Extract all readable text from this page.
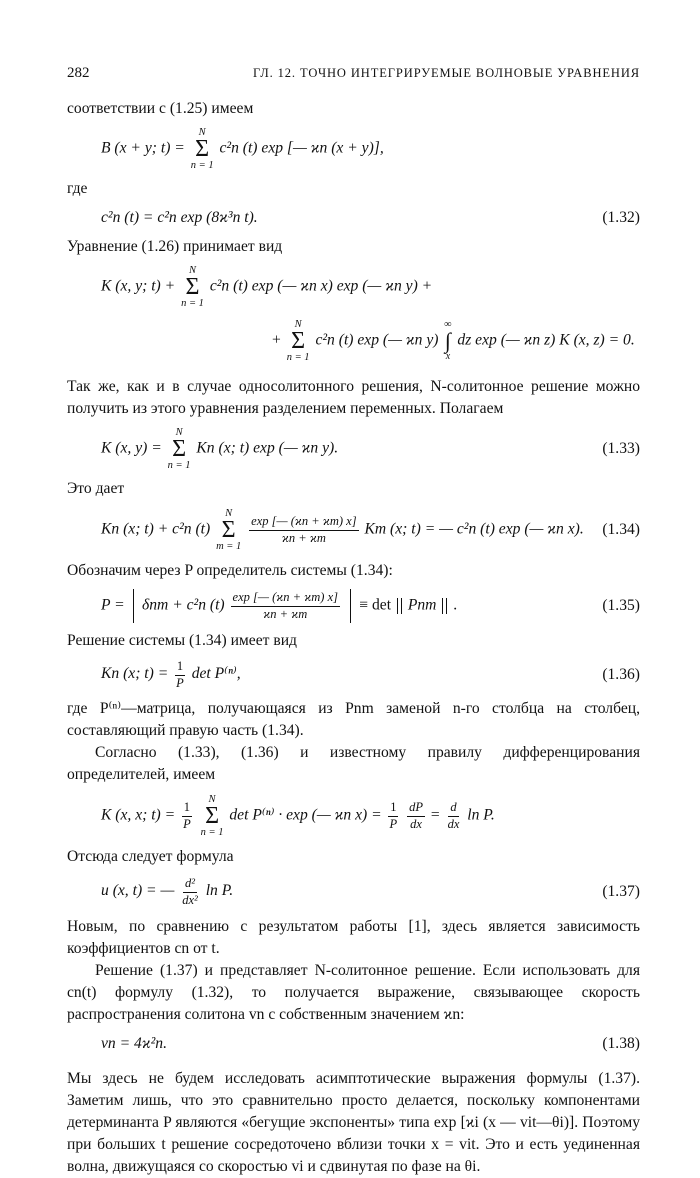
282	ГЛ. 12. ТОЧНО ИНТЕГРИРУЕМЫЕ ВОЛНОВЫЕ УРАВНЕНИЯ

соответствии с (1.25) имеем

B (x + y; t) =
N
Σ
n = 1
c²n (t) exp [— ϰn (x + y)],

где

c²n (t) = c²n exp (8ϰ³n t).	(1.32)

Уравнение (1.26) принимает вид

K (x, y; t) +
N
Σ
n = 1
c²n (t) exp (— ϰn x) exp (— ϰn y) +
+
N
Σ
n = 1
c²n (t) exp (— ϰn y)
∞
∫
x
dz exp (— ϰn z) K (x, z) = 0.

Так же, как и в случае односолитонного решения, N-солитонное решение можно получить из этого уравнения разделением переменных. Полагаем

K (x, y) =
N
Σ
n = 1
Kn (x; t) exp (— ϰn y).	(1.33)

Это дает

Kn (x; t) + c²n (t)
N
Σ
m = 1

$\frac{\exp [— (ϰn + ϰm) x]}{ϰn + ϰm}$ Km (x; t) = — c²n (t) exp (— ϰn x). (1.34)

Обозначим через P определитель системы (1.34):

P = δnm + c²n $(t) \frac{\exp [— (ϰn + ϰm) x]}{ϰn + ϰm} \equiv \det$ Pnm .	(1.35)

Решение системы (1.34) имеет вид

Kn (x; $t) = \frac{1}{P}$ det P⁽ⁿ⁾,	(1.36)

где P⁽ⁿ⁾—матрица, получающаяся из Pnm заменой n-го столбца на столбец, составляющий правую часть (1.34).

Согласно (1.33), (1.36) и известному правилу дифференцирования определителей, имеем

K (x, x; $t) = \frac{1}{P}$

N
Σ
n = 1
det P⁽ⁿ⁾ · exp (— ϰn $x) = \frac{1}{P}$
$\frac{dP}{dx} = \frac{d}{dx}$ ln P.

Отсюда следует формула

u (x, t) = — $\frac{\text{d²}}{\text{dx²}}$ ln P.	(1.37)

Новым, по сравнению с результатом работы [1], здесь является зависимость коэффициентов cn от t.

Решение (1.37) и представляет N-солитонное решение. Если использовать для cn(t) формулу (1.32), то получается выражение, связывающее скорость распространения солитона vn с собственным значением ϰn:

vn = 4ϰ²n.	(1.38)

Мы здесь не будем исследовать асимптотические выражения формулы (1.37). Заметим лишь, что это сравнительно просто делается, поскольку компонентами детерминанта P являются «бегущие экспоненты» типа exp [ϰi (x — vit—θi)]. Поэтому при больших t решение сосредоточено вблизи точки x = vit. Это и есть уединенная волна, движущаяся со скоростью vi и сдвинутая по фазе на θi.
